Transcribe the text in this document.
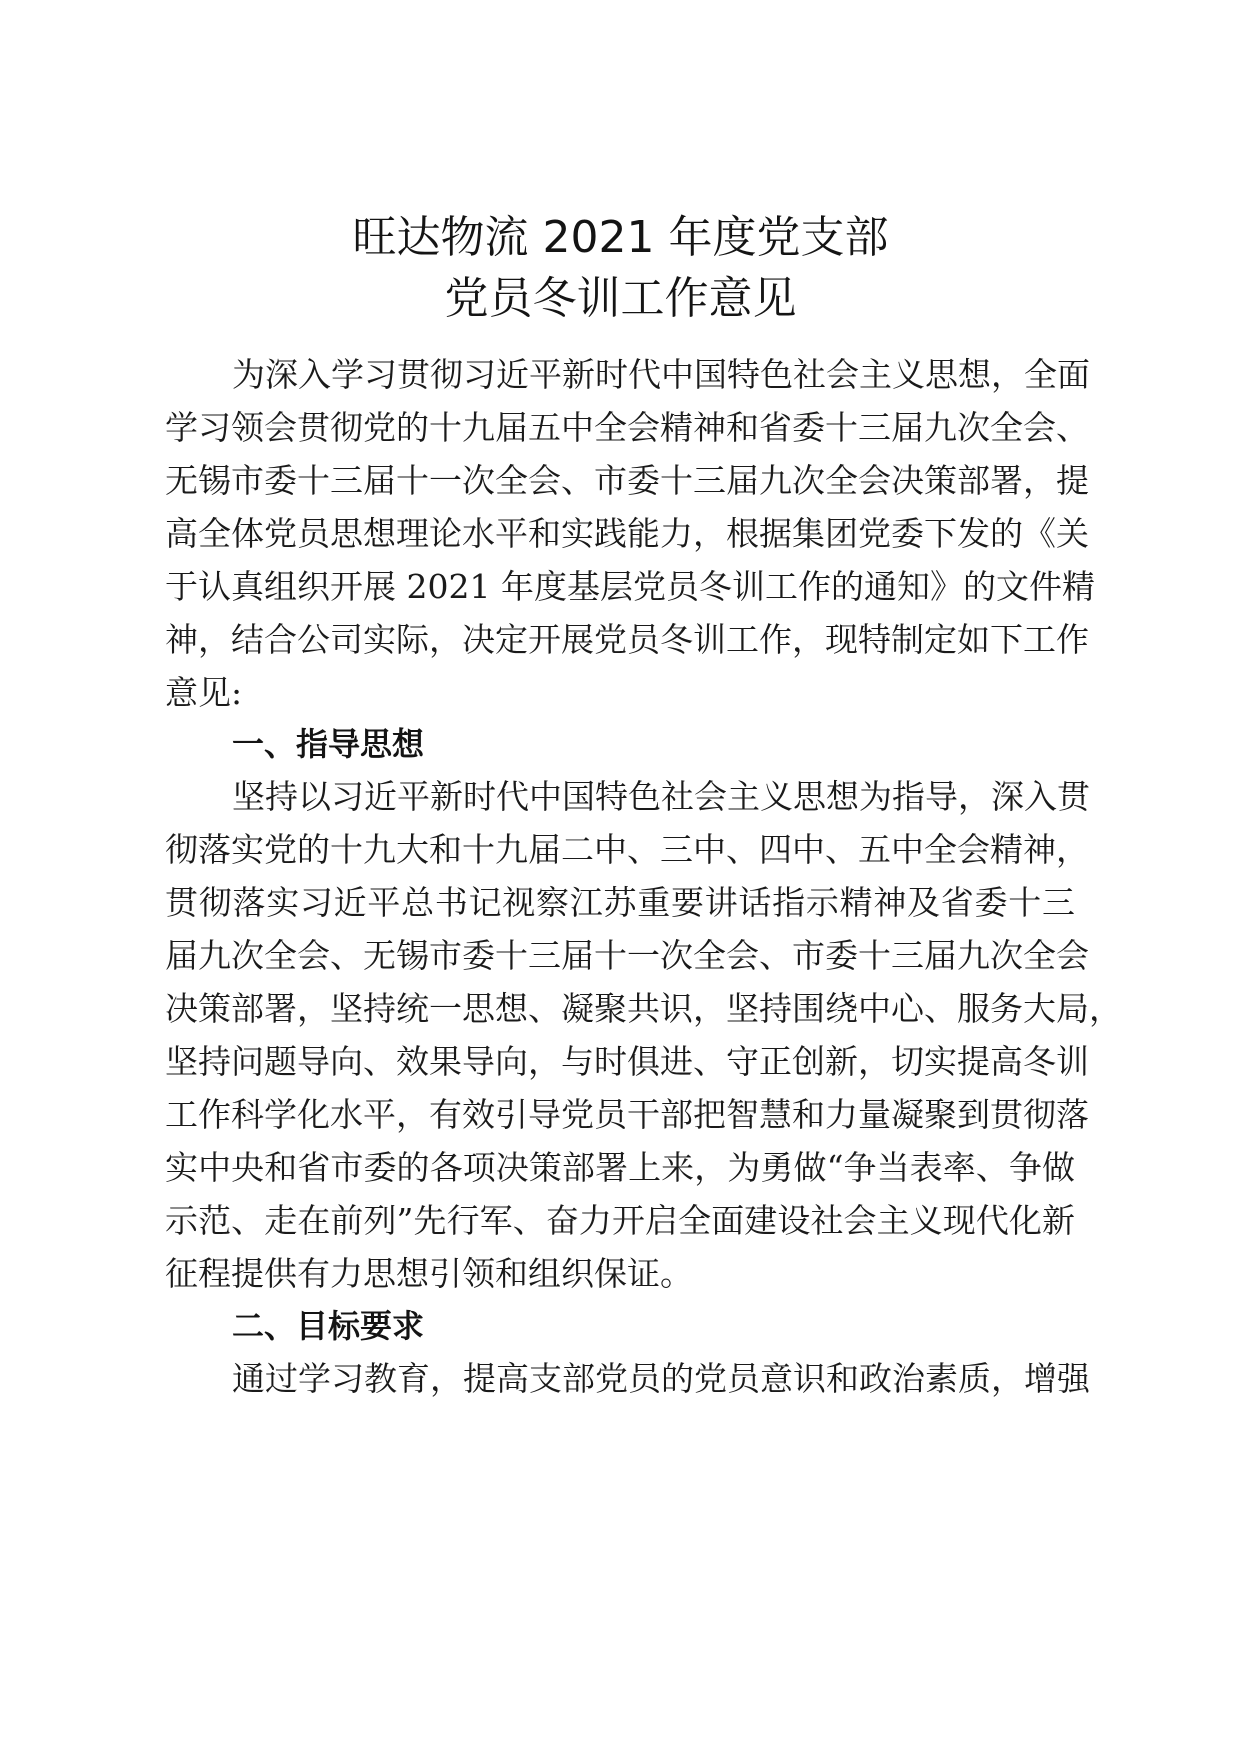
旺达物流 2021 年度党支部
党员冬训工作意见
为深入学习贯彻习近平新时代中国特色社会主义思想，全面
学习领会贯彻党的十九届五中全会精神和省委十三届九次全会、
无锡市委十三届十一次全会、市委十三届九次全会决策部署，提
高全体党员思想理论水平和实践能力，根据集团党委下发的《关
于认真组织开展 2021 年度基层党员冬训工作的通知》的文件精
神，结合公司实际，决定开展党员冬训工作，现特制定如下工作
意见:
一、指导思想
坚持以习近平新时代中国特色社会主义思想为指导，深入贯
彻落实党的十九大和十九届二中、三中、四中、五中全会精神，
贯彻落实习近平总书记视察江苏重要讲话指示精神及省委十三
届九次全会、无锡市委十三届十一次全会、市委十三届九次全会
决策部署，坚持统一思想、凝聚共识，坚持围绕中心、服务大局，
坚持问题导向、效果导向，与时俱进、守正创新，切实提高冬训
工作科学化水平，有效引导党员干部把智慧和力量凝聚到贯彻落
实中央和省市委的各项决策部署上来，为勇做“争当表率、争做
示范、走在前列”先行军、奋力开启全面建设社会主义现代化新
征程提供有力思想引领和组织保证。
二、目标要求
通过学习教育，提高支部党员的党员意识和政治素质，增强
